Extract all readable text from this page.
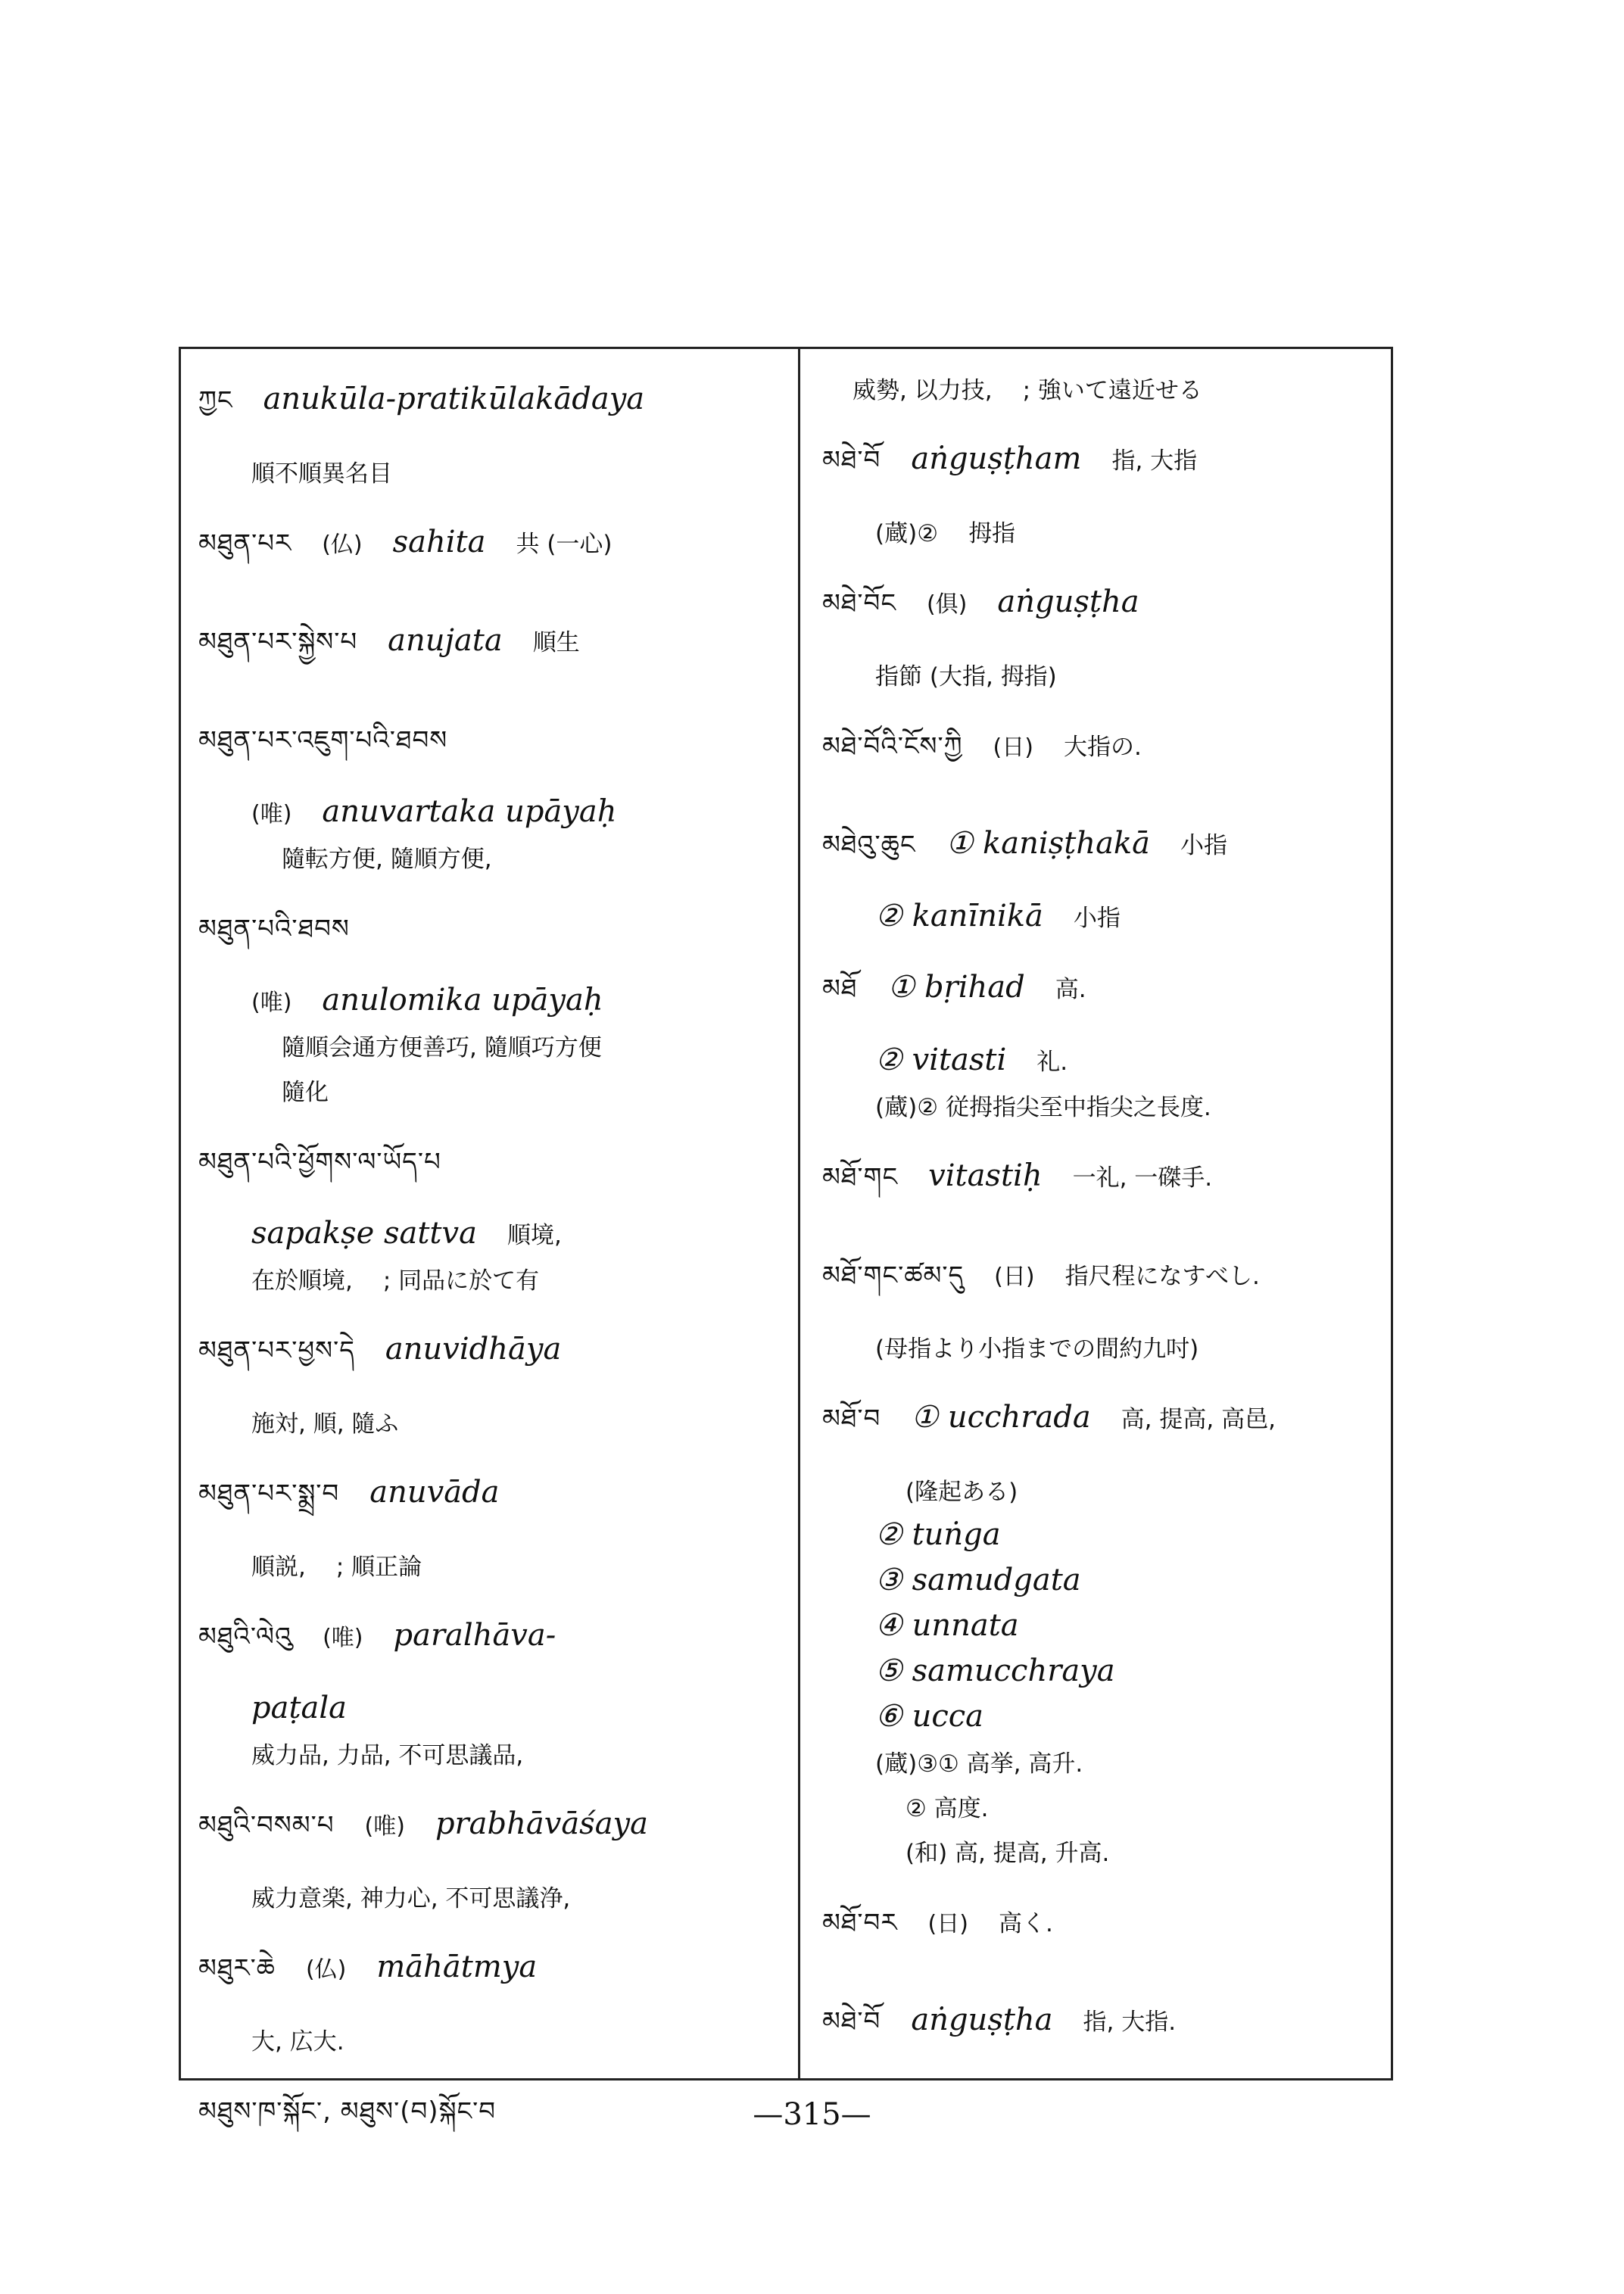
ཀྱང anukūla-pratikūlakādaya
順不順異名目
མཐུན་པར (仏) sahita 共 (一心)
མཐུན་པར་སྐྱེས་པ anujata 順生
མཐུན་པར་འཇུག་པའི་ཐབས
(唯) anuvartaka upāyaḥ
隨転方便, 隨順方便,
མཐུན་པའི་ཐབས
(唯) anulomika upāyaḥ
隨順会通方便善巧, 隨順巧方便
隨化
མཐུན་པའི་ཕྱོགས་ལ་ཡོད་པ
sapakṣe sattva 順境,
在於順境, ; 同品に於て有
མཐུན་པར་ཕྱས་དེ anuvidhāya
施対, 順, 隨ふ
མཐུན་པར་སྨྲ་བ anuvāda
順説, ; 順正論
མཐུའི་ལེའུ (唯) paralhāva-
paṭala
威力品, 力品, 不可思議品,
མཐུའི་བསམ་པ (唯) prabhāvāśaya
威力意楽, 神力心, 不可思議浄,
མཐུར་ཆེ (仏) māhātmya
大, 広大.
མཐུས་ཁ་སྐོང་, མཐུས་(བ)སྐོང་བ
威勢, 以力技, ; 強いて遠近せる
མཐེ་བོ aṅguṣṭham 指, 大指
(蔵)② 拇指
མཐེ་བོང (俱) aṅguṣṭha
指節 (大指, 拇指)
མཐེ་བོའི་ངོས་ཀྱི (日) 大指の.
མཐེའུ་ཆུང ① kaniṣṭhakā 小指
② kanīnikā 小指
མཐོ ① bṛihad 高.
② vitasti 礼.
(蔵)② 従拇指尖至中指尖之長度.
མཐོ་གང vitastiḥ 一礼, 一磔手.
མཐོ་གང་ཚམ་དུ (日) 指尺程になすべし.
(母指より小指までの間約九吋)
མཐོ་བ ① ucchrada 高, 提高, 高邑,
(隆起ある)
② tuṅga
③ samudgata
④ unnata
⑤ samucchraya
⑥ ucca
(蔵)③① 高挙, 高升.
② 高度.
(和) 高, 提高, 升高.
མཐོ་བར (日) 高く.
མཐེ་བོ aṅguṣṭha 指, 大指.
—315—
